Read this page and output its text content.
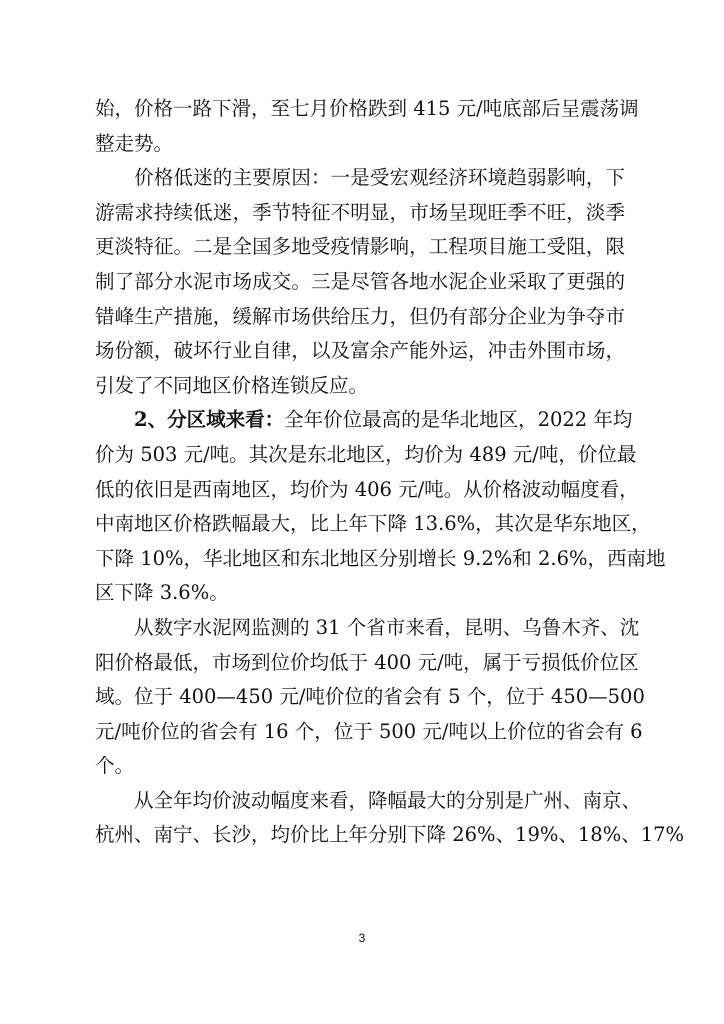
始，价格一路下滑，至七月价格跌到 415 元/吨底部后呈震荡调
整走势。
　　价格低迷的主要原因：一是受宏观经济环境趋弱影响，下
游需求持续低迷，季节特征不明显，市场呈现旺季不旺，淡季
更淡特征。二是全国多地受疫情影响，工程项目施工受阻，限
制了部分水泥市场成交。三是尽管各地水泥企业采取了更强的
错峰生产措施，缓解市场供给压力，但仍有部分企业为争夺市
场份额，破坏行业自律，以及富余产能外运，冲击外围市场，
引发了不同地区价格连锁反应。
　　2、分区域来看：全年价位最高的是华北地区，2022 年均
价为 503 元/吨。其次是东北地区，均价为 489 元/吨，价位最
低的依旧是西南地区，均价为 406 元/吨。从价格波动幅度看，
中南地区价格跌幅最大，比上年下降 13.6%，其次是华东地区，
下降 10%，华北地区和东北地区分别增长 9.2%和 2.6%，西南地
区下降 3.6%。
　　从数字水泥网监测的 31 个省市来看，昆明、乌鲁木齐、沈
阳价格最低，市场到位价均低于 400 元/吨，属于亏损低价位区
域。位于 400—450 元/吨价位的省会有 5 个，位于 450—500
元/吨价位的省会有 16 个，位于 500 元/吨以上价位的省会有 6
个。
　　从全年均价波动幅度来看，降幅最大的分别是广州、南京、
杭州、南宁、长沙，均价比上年分别下降 26%、19%、18%、17%
3
